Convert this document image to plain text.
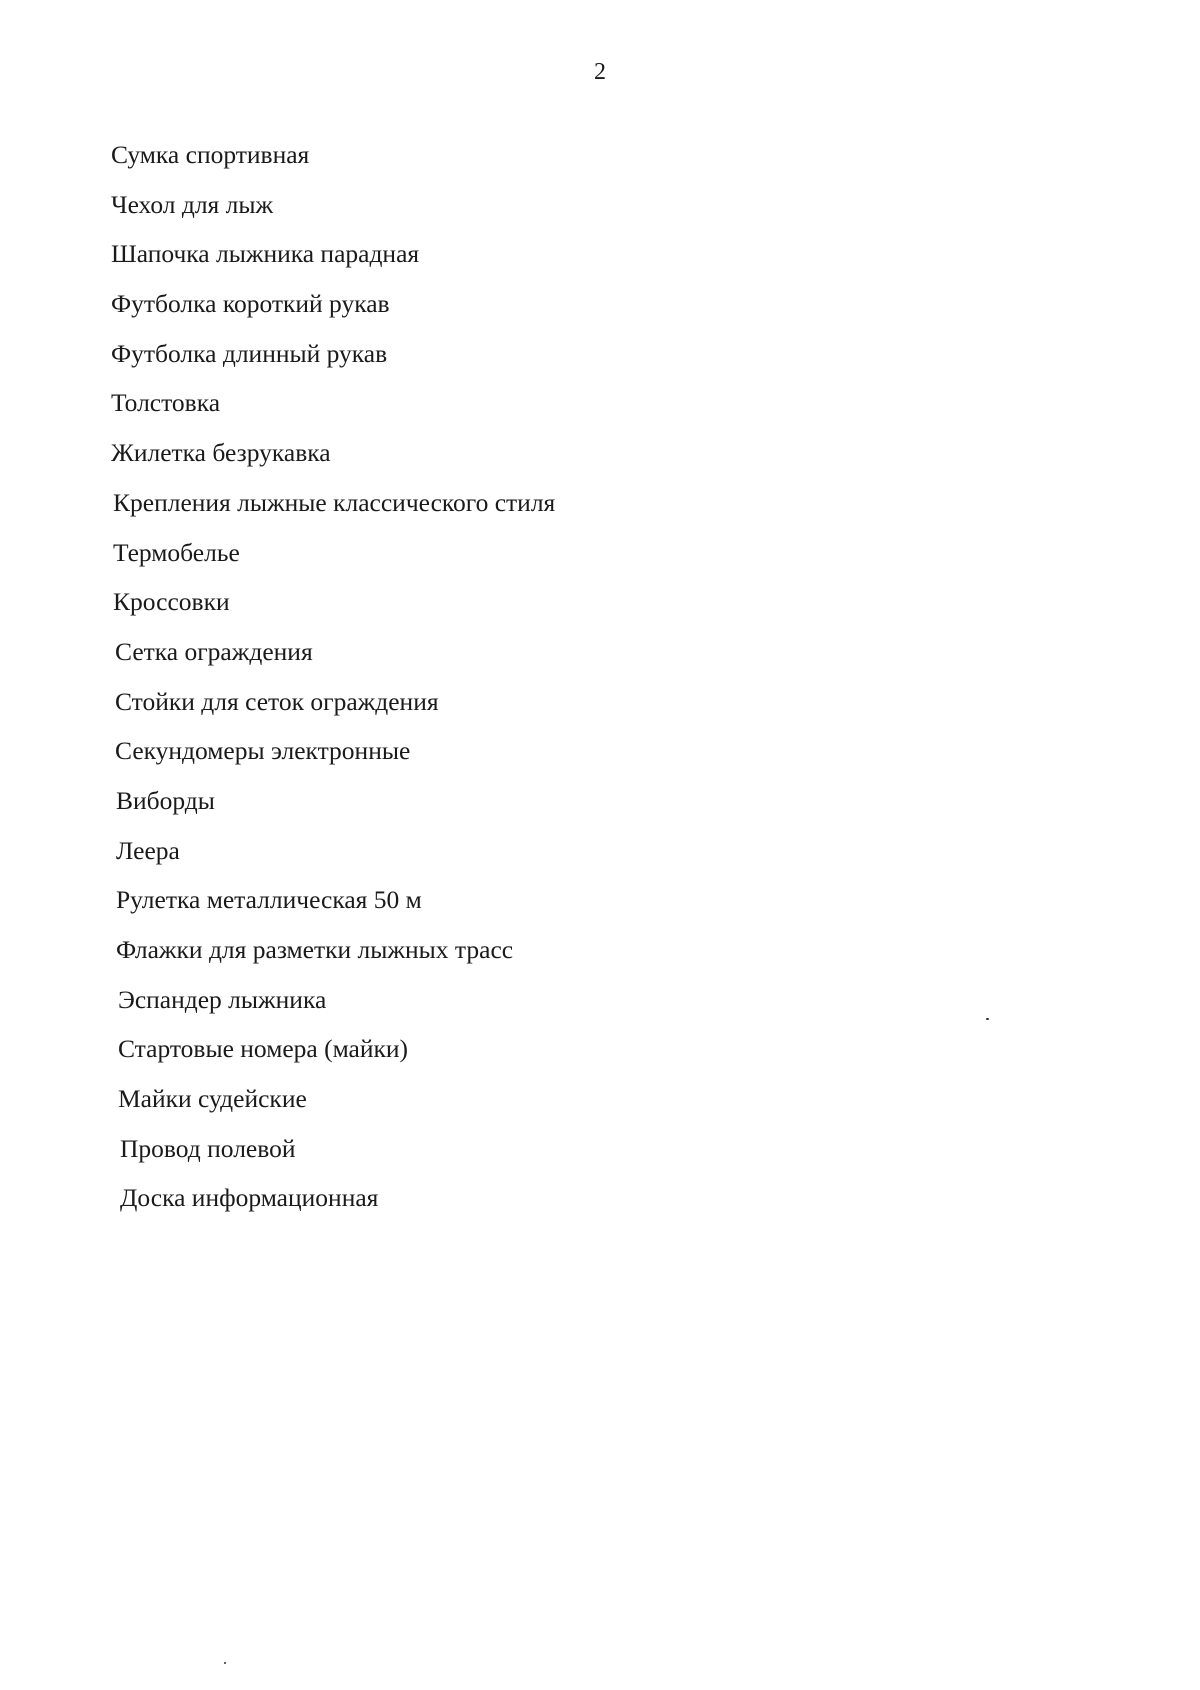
2
Сумка спортивная
Чехол для лыж
Шапочка лыжника парадная
Футболка короткий рукав
Футболка длинный рукав
Толстовка
Жилетка безрукавка
Крепления лыжные классического стиля
Термобелье
Кроссовки
Сетка ограждения
Стойки для сеток ограждения
Секундомеры электронные
Виборды
Леера
Рулетка металлическая 50 м
Флажки для разметки лыжных трасс
Эспандер лыжника
Стартовые номера (майки)
Майки судейские
Провод полевой
Доска информационная
